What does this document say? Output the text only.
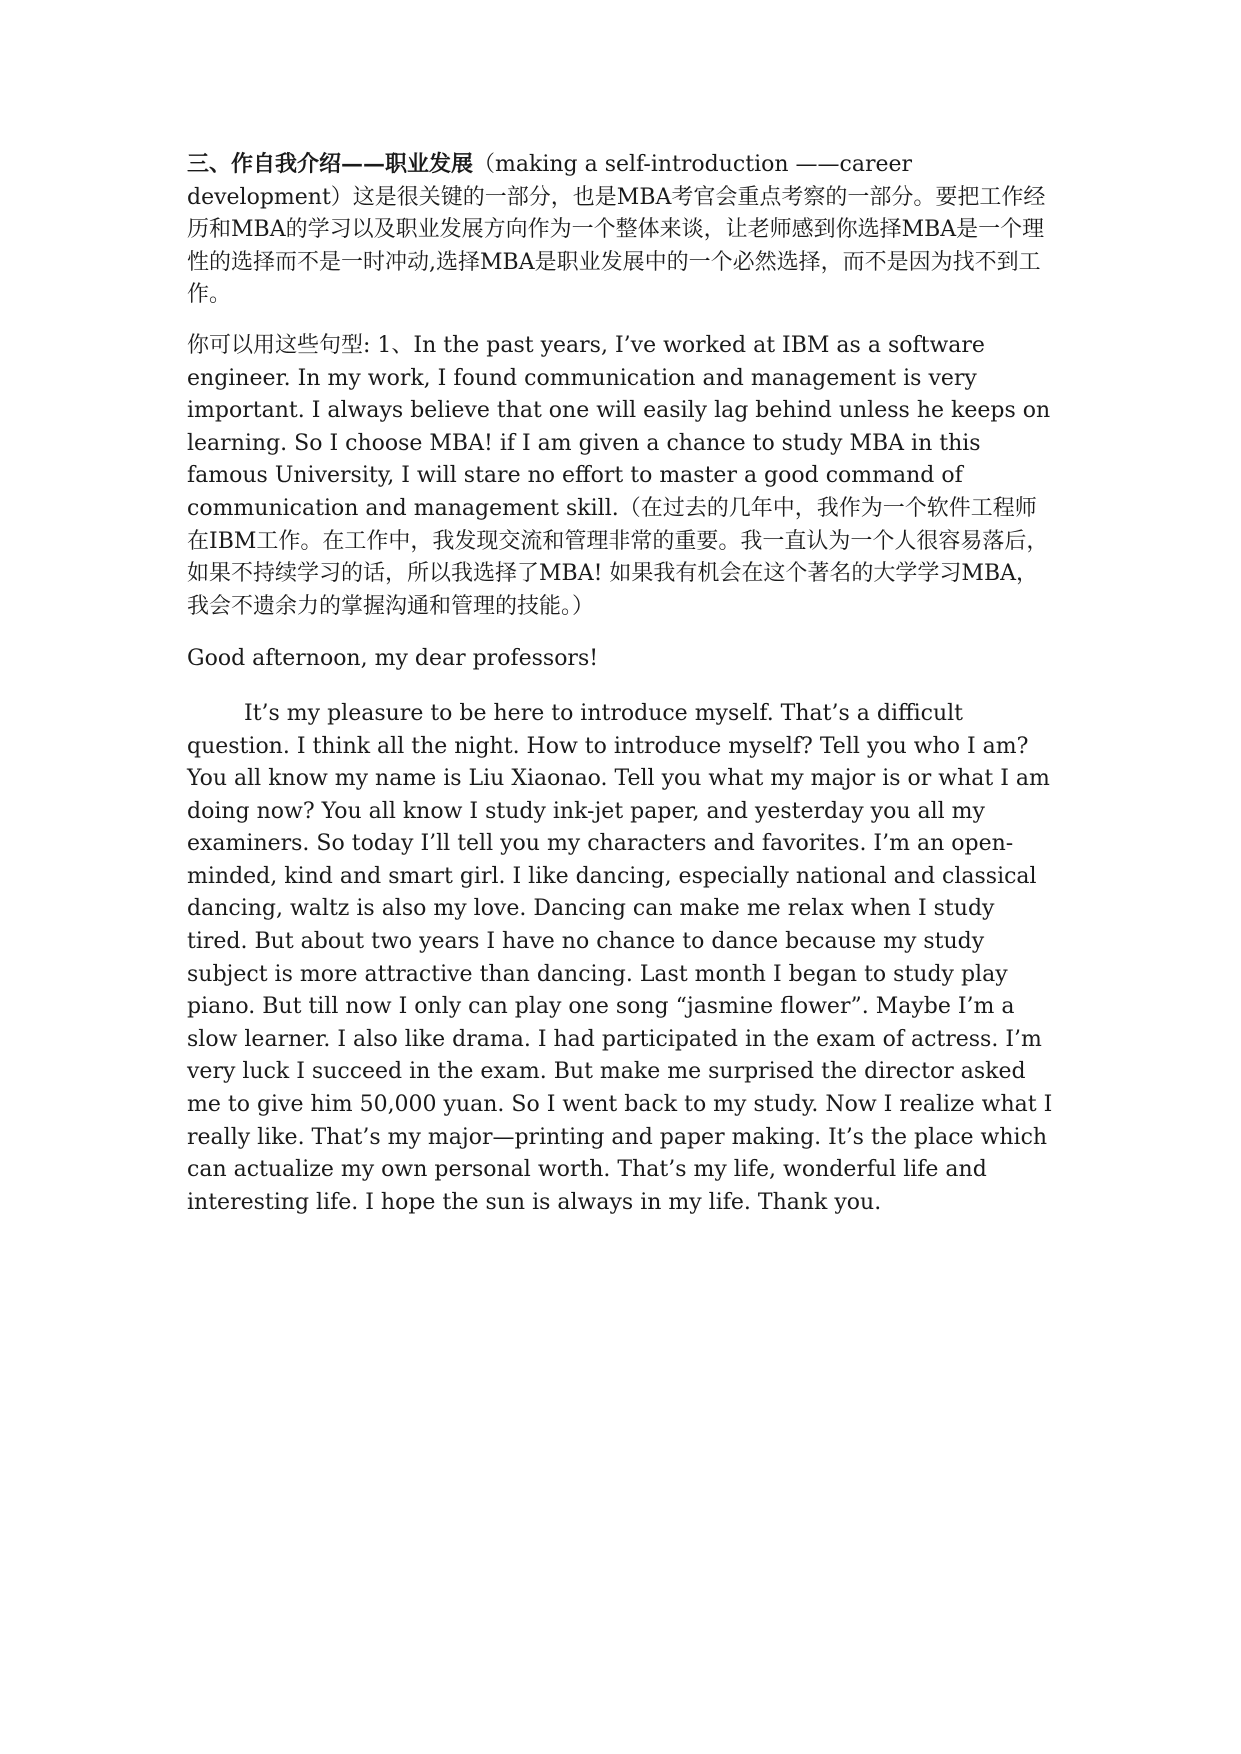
三、作自我介绍——职业发展（making a self-introduction ——career development）这是很关键的一部分，也是MBA考官会重点考察的一部分。要把工作经历和MBA的学习以及职业发展方向作为一个整体来谈，让老师感到你选择MBA是一个理性的选择而不是一时冲动,选择MBA是职业发展中的一个必然选择，而不是因为找不到工作。

你可以用这些句型: 1、In the past years, I’ve worked at IBM as a software engineer. In my work, I found communication and management is very important. I always believe that one will easily lag behind unless he keeps on learning. So I choose MBA! if I am given a chance to study MBA in this famous University, I will stare no effort to master a good command of communication and management skill.（在过去的几年中，我作为一个软件工程师在IBM工作。在工作中，我发现交流和管理非常的重要。我一直认为一个人很容易落后，如果不持续学习的话，所以我选择了MBA! 如果我有机会在这个著名的大学学习MBA，我会不遗余力的掌握沟通和管理的技能。）

Good afternoon, my dear professors!

It’s my pleasure to be here to introduce myself. That’s a difficult question. I think all the night. How to introduce myself? Tell you who I am? You all know my name is Liu Xiaonao. Tell you what my major is or what I am doing now? You all know I study ink-jet paper, and yesterday you all my examiners. So today I’ll tell you my characters and favorites. I’m an open-minded, kind and smart girl. I like dancing, especially national and classical dancing, waltz is also my love. Dancing can make me relax when I study tired. But about two years I have no chance to dance because my study subject is more attractive than dancing. Last month I began to study play piano. But till now I only can play one song “jasmine flower”. Maybe I’m a slow learner. I also like drama. I had participated in the exam of actress. I’m very luck I succeed in the exam. But make me surprised the director asked me to give him 50,000 yuan. So I went back to my study. Now I realize what I really like. That’s my major—printing and paper making. It’s the place which can actualize my own personal worth. That’s my life, wonderful life and interesting life. I hope the sun is always in my life. Thank you.
